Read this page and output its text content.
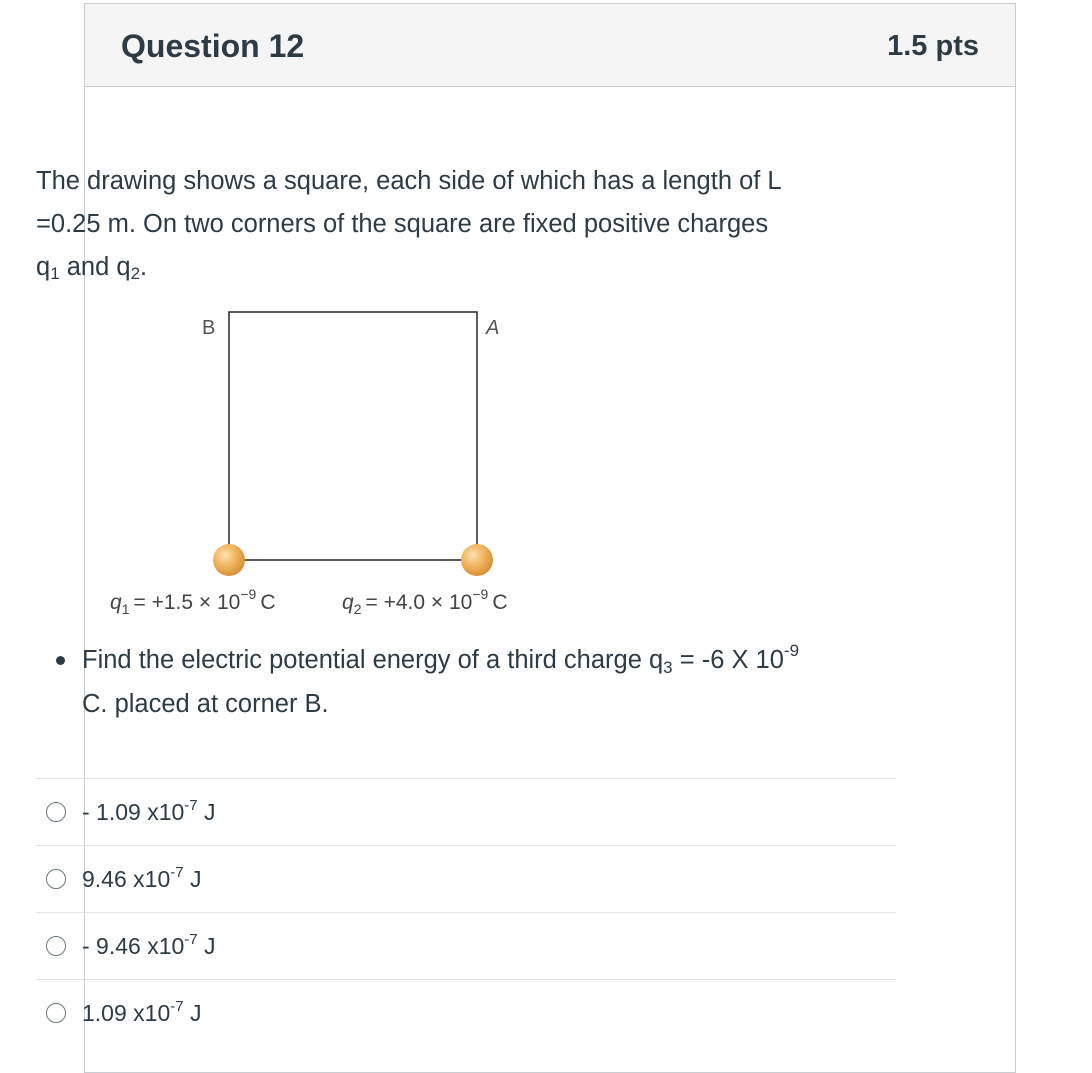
Question 12	1.5 pts
The drawing shows a square, each side of which has a length of L
=0.25 m. On two corners of the square are fixed positive charges
$q_1$ and $q_2$.
B	A
$q_1 = +1.5 \times 10^{-9}$ C	$q_2 = +4.0 \times 10^{-9}$ C
Find the electric potential energy of a third charge $q_3 = -6$ X $10^{-9}$
C. placed at corner B.
- 1.09 $x10^{-7}$ J
9.46 $x10^{-7}$ J
- 9.46 $x10^{-7}$ J
1.09 $x10^{-7}$ J
